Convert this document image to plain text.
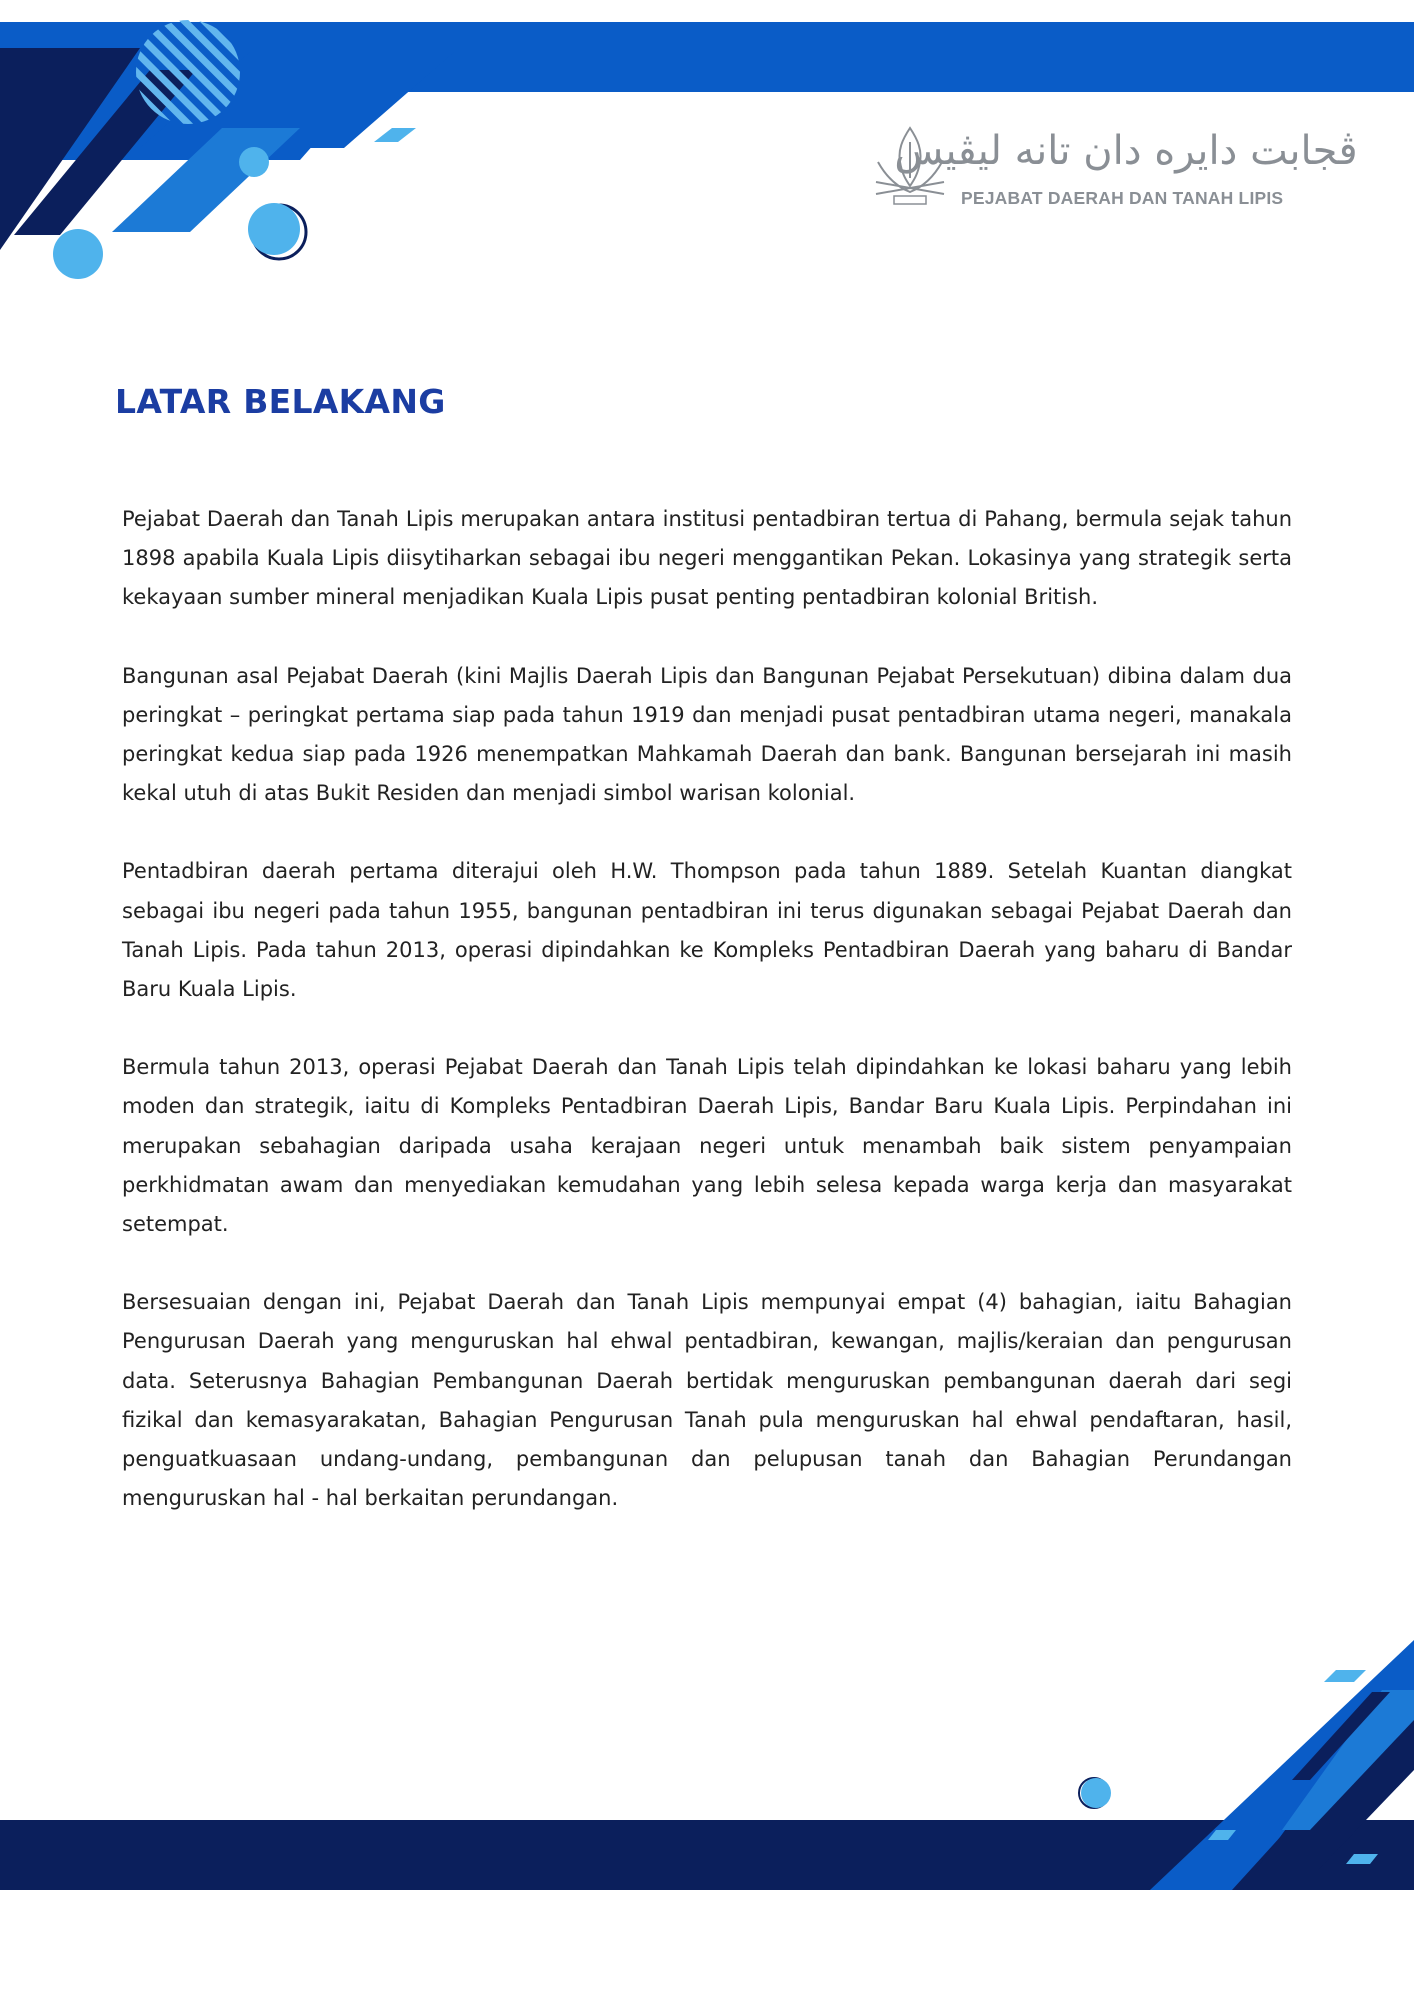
ڤجابت دايره دان تانه ليڤيس
PEJABAT DAERAH DAN TANAH LIPIS
LATAR BELAKANG

Pejabat Daerah dan Tanah Lipis merupakan antara institusi pentadbiran tertua di Pahang, bermula sejak tahun 1898 apabila Kuala Lipis diisytiharkan sebagai ibu negeri menggantikan Pekan. Lokasinya yang strategik serta kekayaan sumber mineral menjadikan Kuala Lipis pusat penting pentadbiran kolonial British.

Bangunan asal Pejabat Daerah (kini Majlis Daerah Lipis dan Bangunan Pejabat Persekutuan) dibina dalam dua peringkat – peringkat pertama siap pada tahun 1919 dan menjadi pusat pentadbiran utama negeri, manakala peringkat kedua siap pada 1926 menempatkan Mahkamah Daerah dan bank. Bangunan bersejarah ini masih kekal utuh di atas Bukit Residen dan menjadi simbol warisan kolonial.

Pentadbiran daerah pertama diterajui oleh H.W. Thompson pada tahun 1889. Setelah Kuantan diangkat sebagai ibu negeri pada tahun 1955, bangunan pentadbiran ini terus digunakan sebagai Pejabat Daerah dan Tanah Lipis. Pada tahun 2013, operasi dipindahkan ke Kompleks Pentadbiran Daerah yang baharu di Bandar Baru Kuala Lipis.

Bermula tahun 2013, operasi Pejabat Daerah dan Tanah Lipis telah dipindahkan ke lokasi baharu yang lebih moden dan strategik, iaitu di Kompleks Pentadbiran Daerah Lipis, Bandar Baru Kuala Lipis. Perpindahan ini merupakan sebahagian daripada usaha kerajaan negeri untuk menambah baik sistem penyampaian perkhidmatan awam dan menyediakan kemudahan yang lebih selesa kepada warga kerja dan masyarakat setempat.

Bersesuaian dengan ini, Pejabat Daerah dan Tanah Lipis mempunyai empat (4) bahagian, iaitu Bahagian Pengurusan Daerah yang menguruskan hal ehwal pentadbiran, kewangan, majlis/keraian dan pengurusan data. Seterusnya Bahagian Pembangunan Daerah bertidak menguruskan pembangunan daerah dari segi fizikal dan kemasyarakatan, Bahagian Pengurusan Tanah pula menguruskan hal ehwal pendaftaran, hasil, penguatkuasaan undang-undang, pembangunan dan pelupusan tanah dan Bahagian Perundangan menguruskan hal - hal berkaitan perundangan.
